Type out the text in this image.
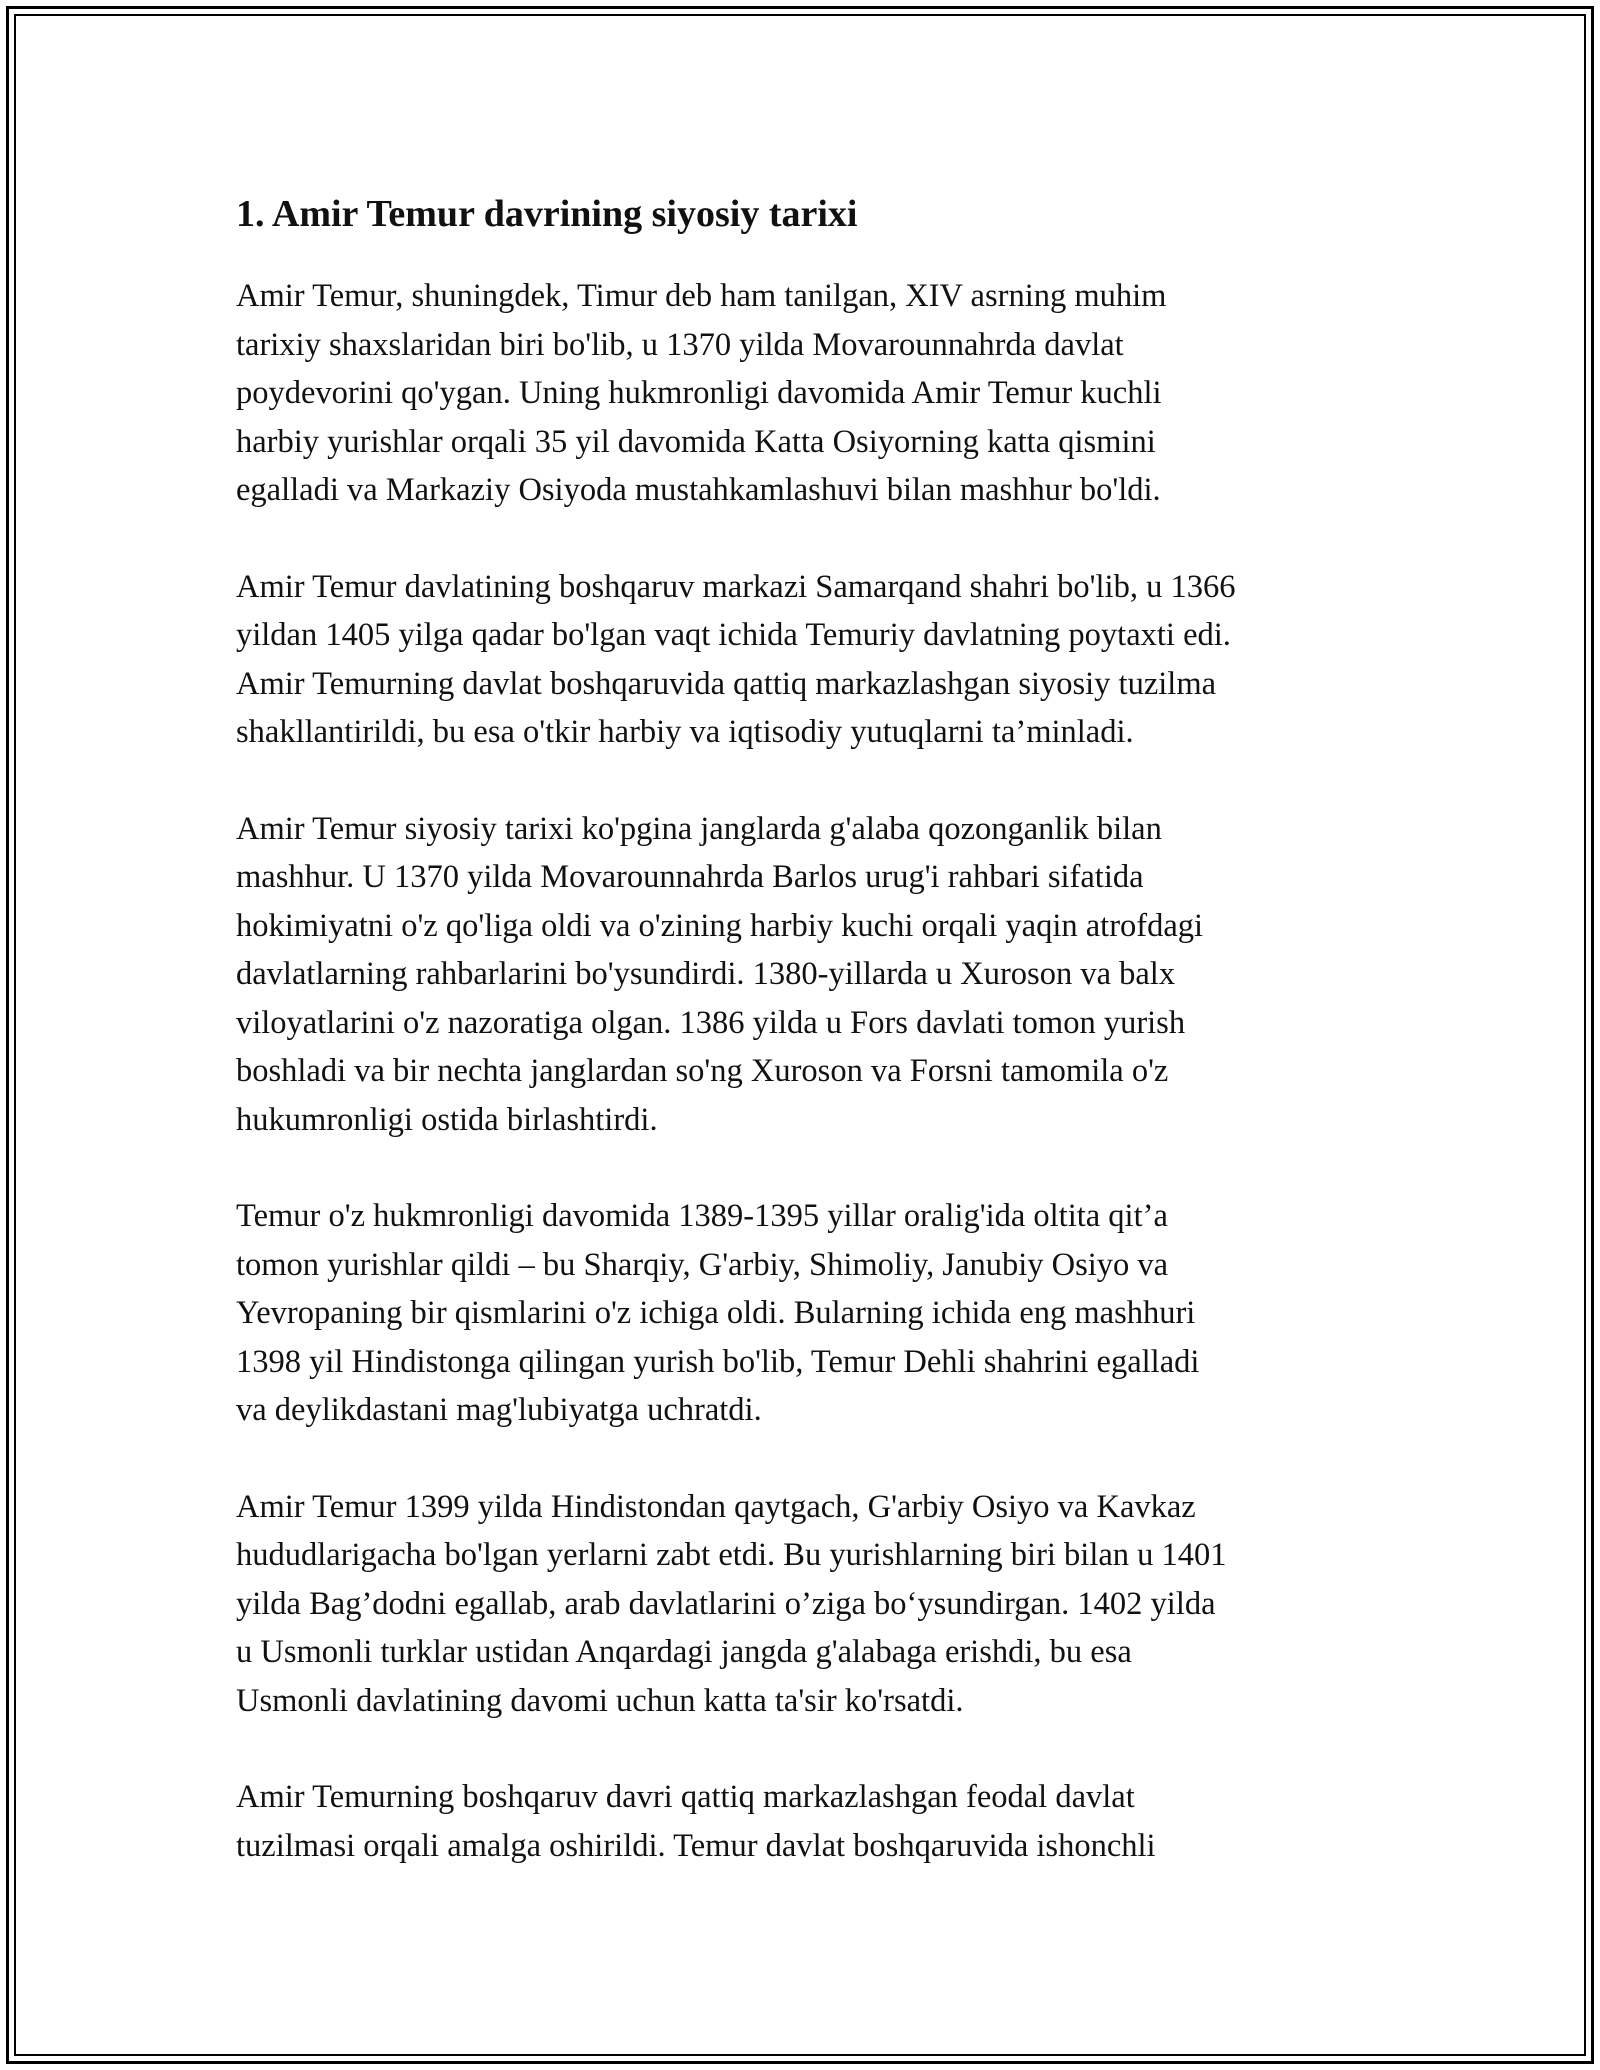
1. Amir Temur davrining siyosiy tarixi

Amir Temur, shuningdek, Timur deb ham tanilgan, XIV asrning muhim
tarixiy shaxslaridan biri bo'lib, u 1370 yilda Movarounnahrda davlat
poydevorini qo'ygan. Uning hukmronligi davomida Amir Temur kuchli
harbiy yurishlar orqali 35 yil davomida Katta Osiyorning katta qismini
egalladi va Markaziy Osiyoda mustahkamlashuvi bilan mashhur bo'ldi.

Amir Temur davlatining boshqaruv markazi Samarqand shahri bo'lib, u 1366
yildan 1405 yilga qadar bo'lgan vaqt ichida Temuriy davlatning poytaxti edi.
Amir Temurning davlat boshqaruvida qattiq markazlashgan siyosiy tuzilma
shakllantirildi, bu esa o'tkir harbiy va iqtisodiy yutuqlarni ta’minladi.

Amir Temur siyosiy tarixi ko'pgina janglarda g'alaba qozonganlik bilan
mashhur. U 1370 yilda Movarounnahrda Barlos urug'i rahbari sifatida
hokimiyatni o'z qo'liga oldi va o'zining harbiy kuchi orqali yaqin atrofdagi
davlatlarning rahbarlarini bo'ysundirdi. 1380-yillarda u Xuroson va balx
viloyatlarini o'z nazoratiga olgan. 1386 yilda u Fors davlati tomon yurish
boshladi va bir nechta janglardan so'ng Xuroson va Forsni tamomila o'z
hukumronligi ostida birlashtirdi.

Temur o'z hukmronligi davomida 1389-1395 yillar oralig'ida oltita qit’a
tomon yurishlar qildi – bu Sharqiy, G'arbiy, Shimoliy, Janubiy Osiyo va
Yevropaning bir qismlarini o'z ichiga oldi. Bularning ichida eng mashhuri
1398 yil Hindistonga qilingan yurish bo'lib, Temur Dehli shahrini egalladi
va deylikdastani mag'lubiyatga uchratdi.

Amir Temur 1399 yilda Hindistondan qaytgach, G'arbiy Osiyo va Kavkaz
hududlarigacha bo'lgan yerlarni zabt etdi. Bu yurishlarning biri bilan u 1401
yilda Bag’dodni egallab, arab davlatlarini o’ziga bo‘ysundirgan. 1402 yilda
u Usmonli turklar ustidan Anqardagi jangda g'alabaga erishdi, bu esa
Usmonli davlatining davomi uchun katta ta'sir ko'rsatdi.

Amir Temurning boshqaruv davri qattiq markazlashgan feodal davlat
tuzilmasi orqali amalga oshirildi. Temur davlat boshqaruvida ishonchli
